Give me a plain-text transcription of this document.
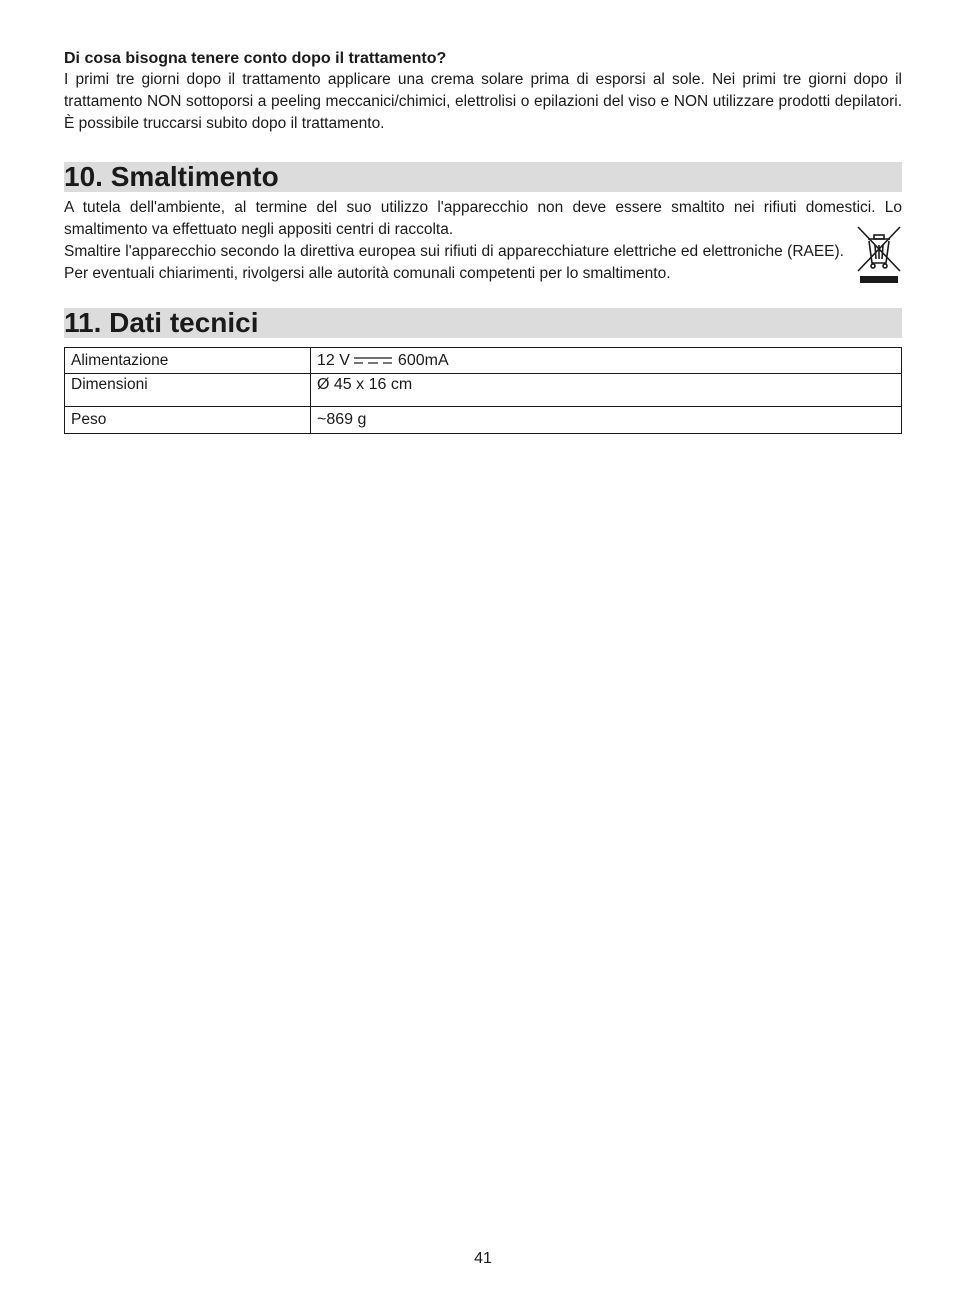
Di cosa bisogna tenere conto dopo il trattamento?

I primi tre giorni dopo il trattamento applicare una crema solare prima di esporsi al sole. Nei primi tre giorni dopo il trattamento NON sottoporsi a peeling meccanici/chimici, elettrolisi o epilazioni del viso e NON utilizzare prodotti depilatori. È possibile truccarsi subito dopo il trattamento.

10. Smaltimento

A tutela dell'ambiente, al termine del suo utilizzo l'apparecchio non deve essere smaltito nei rifiuti domestici. Lo smaltimento va effettuato negli appositi centri di raccolta.

Smaltire l'apparecchio secondo la direttiva europea sui rifiuti di apparecchiature elettriche ed elettroniche (RAEE). Per eventuali chiarimenti, rivolgersi alle autorità comunali competenti per lo smaltimento.

11. Dati tecnici
Alimentazione	12 V 600mA
Dimensioni	Ø 45 x 16 cm
Peso	~869 g
41
